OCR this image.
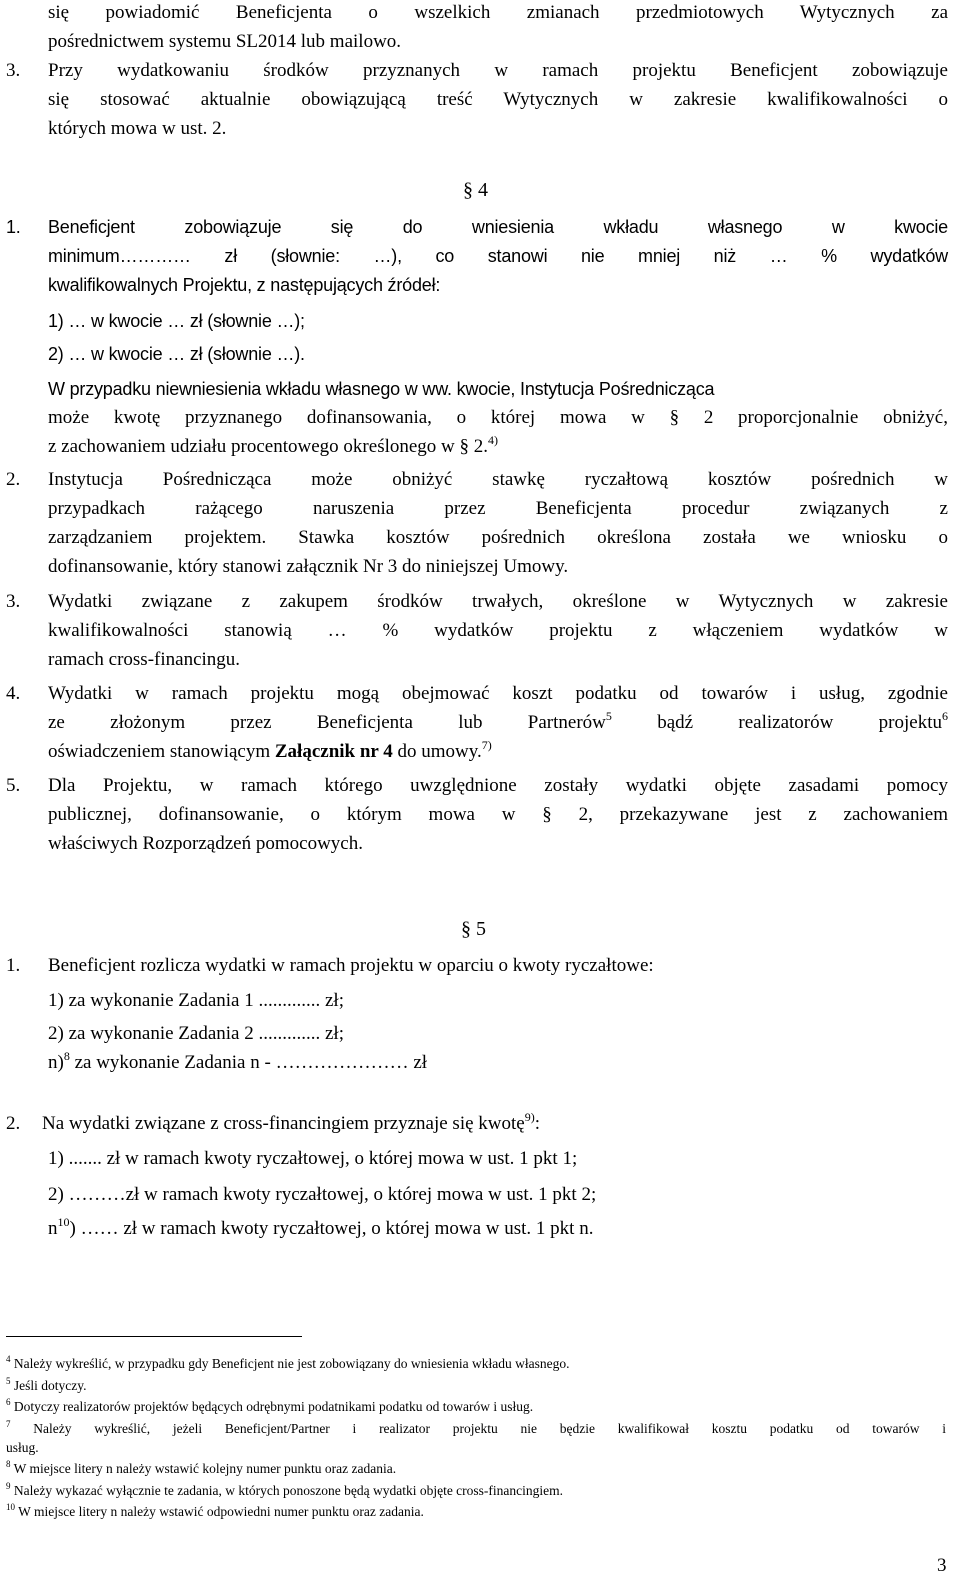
się powiadomić Beneficjenta o wszelkich zmianach przedmiotowych Wytycznych za
pośrednictwem systemu SL2014 lub mailowo.
3. Przy wydatkowaniu środków przyznanych w ramach projektu Beneficjent zobowiązuje
się stosować aktualnie obowiązującą treść Wytycznych w zakresie kwalifikowalności o
których mowa w ust. 2.
§ 4
1. Beneficjent zobowiązuje się do wniesienia wkładu własnego w kwocie
minimum………… zł (słownie: …), co stanowi nie mniej niż … % wydatków
kwalifikowalnych Projektu, z następujących źródeł:
1) … w kwocie … zł (słownie …);
2) … w kwocie … zł (słownie …).
W przypadku niewniesienia wkładu własnego w ww. kwocie, Instytucja Pośrednicząca
może kwotę przyznanego dofinansowania, o której mowa w § 2 proporcjonalnie obniżyć,
z zachowaniem udziału procentowego określonego w § 2.$^{4)}$
2. Instytucja Pośrednicząca może obniżyć stawkę ryczałtową kosztów pośrednich w
przypadkach rażącego naruszenia przez Beneficjenta procedur związanych z
zarządzaniem projektem. Stawka kosztów pośrednich określona została we wniosku o
dofinansowanie, który stanowi załącznik Nr 3 do niniejszej Umowy.
3. Wydatki związane z zakupem środków trwałych, określone w Wytycznych w zakresie
kwalifikowalności stanowią … % wydatków projektu z włączeniem wydatków w
ramach cross-financingu.
4. Wydatki w ramach projektu mogą obejmować koszt podatku od towarów i usług, zgodnie
ze złożonym przez Beneficjenta lub Partnerów$^5$ bądź realizatorów projektu$^6$
oświadczeniem stanowiącym Załącznik nr 4 do umowy.$^{7)}$
5. Dla Projektu, w ramach którego uwzględnione zostały wydatki objęte zasadami pomocy
publicznej, dofinansowanie, o którym mowa w § 2, przekazywane jest z zachowaniem
właściwych Rozporządzeń pomocowych.
§ 5
1. Beneficjent rozlicza wydatki w ramach projektu w oparciu o kwoty ryczałtowe:
1) za wykonanie Zadania 1 ............. zł;
2) za wykonanie Zadania 2 ............. zł;
n)$^8$ za wykonanie Zadania n - ………………… zł
2. Na wydatki związane z cross-financingiem przyznaje się kwotę$^{9)}$:
1) ....... zł w ramach kwoty ryczałtowej, o której mowa w ust. 1 pkt 1;
2) ………zł w ramach kwoty ryczałtowej, o której mowa w ust. 1 pkt 2;
$n^{10}$) …… zł w ramach kwoty ryczałtowej, o której mowa w ust. 1 pkt n.
$^4$ Należy wykreślić, w przypadku gdy Beneficjent nie jest zobowiązany do wniesienia wkładu własnego.
$^5$ Jeśli dotyczy.
$^6$ Dotyczy realizatorów projektów będących odrębnymi podatnikami podatku od towarów i usług.
$^7$ Należy wykreślić, jeżeli Beneficjent/Partner i realizator projektu nie będzie kwalifikował kosztu podatku od towarów i
usług.
$^8$ W miejsce litery n należy wstawić kolejny numer punktu oraz zadania.
$^9$ Należy wykazać wyłącznie te zadania, w których ponoszone będą wydatki objęte cross-financingiem.
$^{10}$ W miejsce litery n należy wstawić odpowiedni numer punktu oraz zadania.
3
